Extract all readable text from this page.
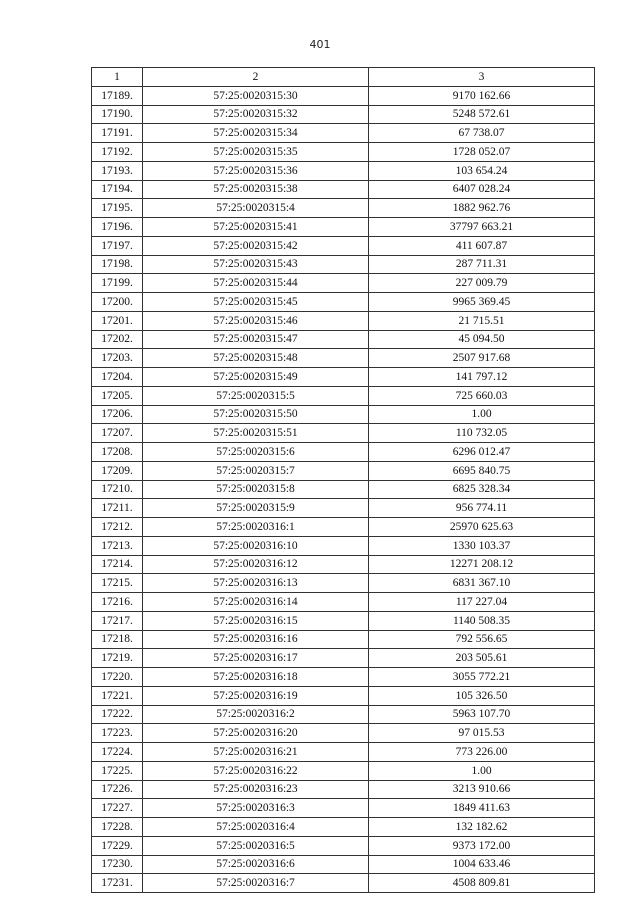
401
1	2	3
17189.	57:25:0020315:30	9170 162.66
17190.	57:25:0020315:32	5248 572.61
17191.	57:25:0020315:34	67 738.07
17192.	57:25:0020315:35	1728 052.07
17193.	57:25:0020315:36	103 654.24
17194.	57:25:0020315:38	6407 028.24
17195.	57:25:0020315:4	1882 962.76
17196.	57:25:0020315:41	37797 663.21
17197.	57:25:0020315:42	411 607.87
17198.	57:25:0020315:43	287 711.31
17199.	57:25:0020315:44	227 009.79
17200.	57:25:0020315:45	9965 369.45
17201.	57:25:0020315:46	21 715.51
17202.	57:25:0020315:47	45 094.50
17203.	57:25:0020315:48	2507 917.68
17204.	57:25:0020315:49	141 797.12
17205.	57:25:0020315:5	725 660.03
17206.	57:25:0020315:50	1.00
17207.	57:25:0020315:51	110 732.05
17208.	57:25:0020315:6	6296 012.47
17209.	57:25:0020315:7	6695 840.75
17210.	57:25:0020315:8	6825 328.34
17211.	57:25:0020315:9	956 774.11
17212.	57:25:0020316:1	25970 625.63
17213.	57:25:0020316:10	1330 103.37
17214.	57:25:0020316:12	12271 208.12
17215.	57:25:0020316:13	6831 367.10
17216.	57:25:0020316:14	117 227.04
17217.	57:25:0020316:15	1140 508.35
17218.	57:25:0020316:16	792 556.65
17219.	57:25:0020316:17	203 505.61
17220.	57:25:0020316:18	3055 772.21
17221.	57:25:0020316:19	105 326.50
17222.	57:25:0020316:2	5963 107.70
17223.	57:25:0020316:20	97 015.53
17224.	57:25:0020316:21	773 226.00
17225.	57:25:0020316:22	1.00
17226.	57:25:0020316:23	3213 910.66
17227.	57:25:0020316:3	1849 411.63
17228.	57:25:0020316:4	132 182.62
17229.	57:25:0020316:5	9373 172.00
17230.	57:25:0020316:6	1004 633.46
17231.	57:25:0020316:7	4508 809.81
